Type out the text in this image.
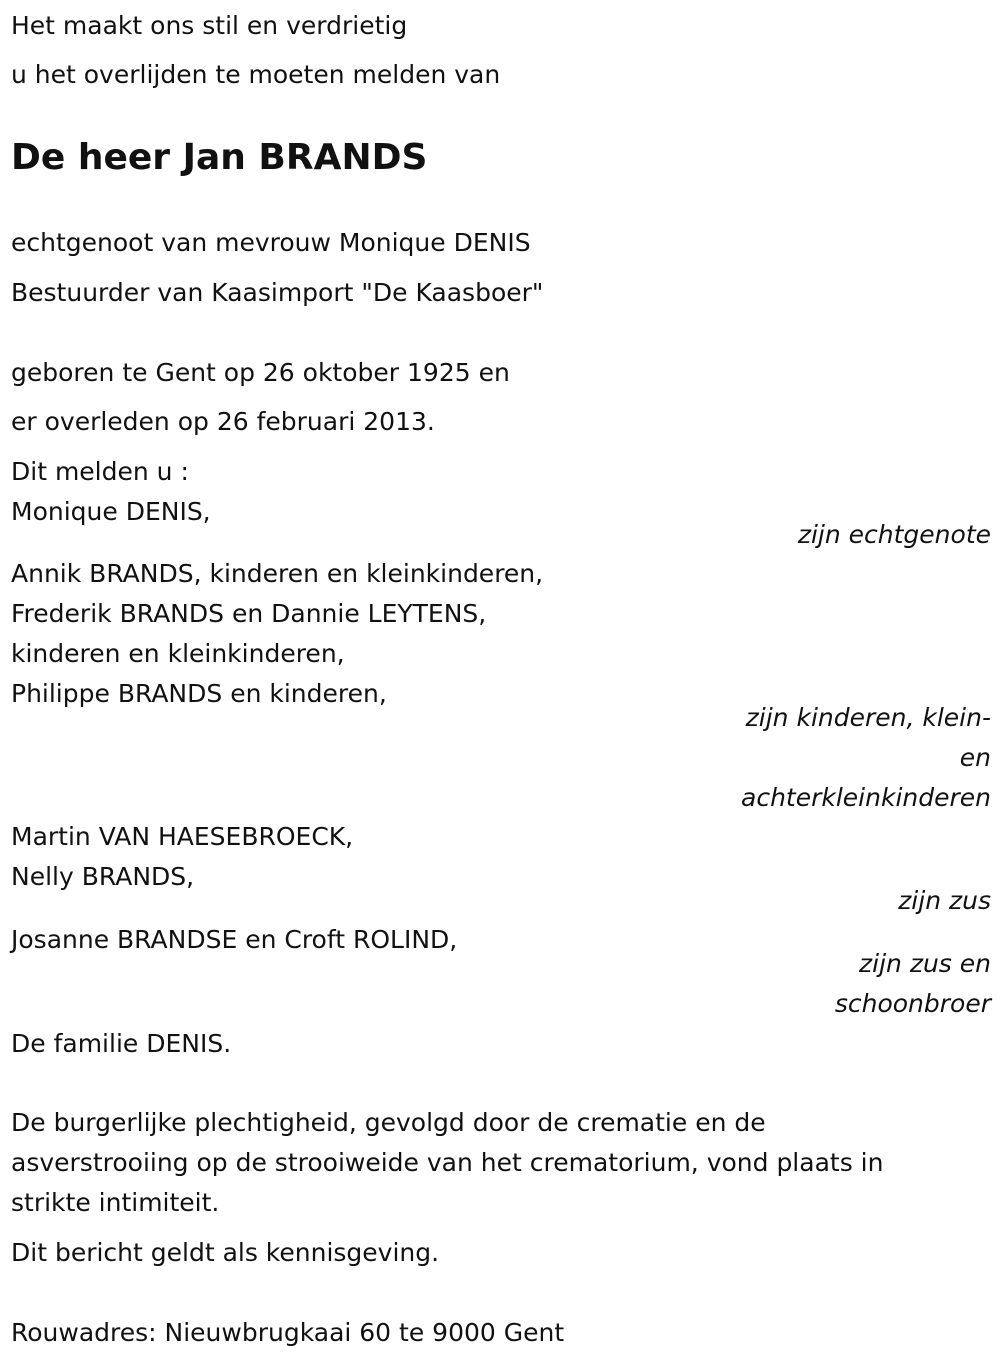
Het maakt ons stil en verdrietig

u het overlijden te moeten melden van

De heer Jan BRANDS

echtgenoot van mevrouw Monique DENIS

Bestuurder van Kaasimport "De Kaasboer"

geboren te Gent op 26 oktober 1925 en

er overleden op 26 februari 2013.

Dit melden u :

Monique DENIS,

zijn echtgenote

Annik BRANDS, kinderen en kleinkinderen,

Frederik BRANDS en Dannie LEYTENS,

kinderen en kleinkinderen,

Philippe BRANDS en kinderen,

zijn kinderen, klein-

en

achterkleinkinderen

Martin VAN HAESEBROECK,

Nelly BRANDS,

zijn zus

Josanne BRANDSE en Croft ROLIND,

zijn zus en

schoonbroer

De familie DENIS.

De burgerlijke plechtigheid, gevolgd door de crematie en de

asverstrooiing op de strooiweide van het crematorium, vond plaats in

strikte intimiteit.

Dit bericht geldt als kennisgeving.

Rouwadres: Nieuwbrugkaai 60 te 9000 Gent
